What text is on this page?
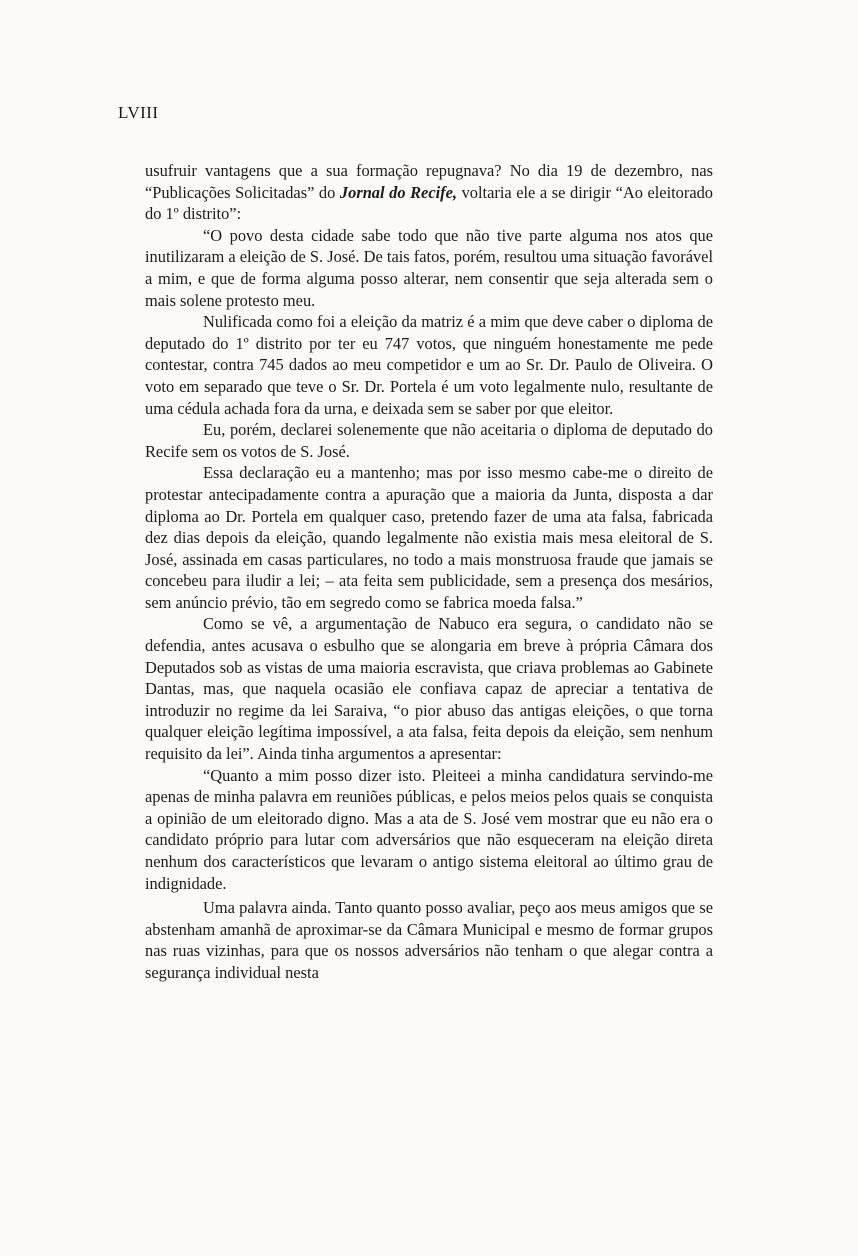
LVIII

usufruir vantagens que a sua formação repugnava? No dia 19 de dezembro, nas “Publicações Solicitadas” do Jornal do Recife, voltaria ele a se dirigir “Ao eleitorado do 1º distrito”:

“O povo desta cidade sabe todo que não tive parte alguma nos atos que inutilizaram a eleição de S. José. De tais fatos, porém, resultou uma situação favorável a mim, e que de forma alguma posso alterar, nem consentir que seja alterada sem o mais solene protesto meu.

Nulificada como foi a eleição da matriz é a mim que deve caber o diploma de deputado do 1º distrito por ter eu 747 votos, que ninguém honestamente me pede contestar, contra 745 dados ao meu competidor e um ao Sr. Dr. Paulo de Oliveira. O voto em separado que teve o Sr. Dr. Portela é um voto legalmente nulo, resultante de uma cédula achada fora da urna, e deixada sem se saber por que eleitor.

Eu, porém, declarei solenemente que não aceitaria o diploma de deputado do Recife sem os votos de S. José.

Essa declaração eu a mantenho; mas por isso mesmo cabe-me o direito de protestar antecipadamente contra a apuração que a maioria da Junta, disposta a dar diploma ao Dr. Portela em qualquer caso, pretendo fazer de uma ata falsa, fabricada dez dias depois da eleição, quando legalmente não existia mais mesa eleitoral de S. José, assinada em casas particulares, no todo a mais monstruosa fraude que jamais se concebeu para iludir a lei; – ata feita sem publicidade, sem a presença dos mesários, sem anúncio prévio, tão em segredo como se fabrica moeda falsa.”

Como se vê, a argumentação de Nabuco era segura, o candidato não se defendia, antes acusava o esbulho que se alongaria em breve à própria Câmara dos Deputados sob as vistas de uma maioria escravista, que criava problemas ao Gabinete Dantas, mas, que naquela ocasião ele confiava capaz de apreciar a tentativa de introduzir no regime da lei Saraiva, “o pior abuso das antigas eleições, o que torna qualquer eleição legítima impossível, a ata falsa, feita depois da eleição, sem nenhum requisito da lei”. Ainda tinha argumentos a apresentar:

“Quanto a mim posso dizer isto. Pleiteei a minha candidatura servindo-me apenas de minha palavra em reuniões públicas, e pelos meios pelos quais se conquista a opinião de um eleitorado digno. Mas a ata de S. José vem mostrar que eu não era o candidato próprio para lutar com adversários que não esqueceram na eleição direta nenhum dos característicos que levaram o antigo sistema eleitoral ao último grau de indignidade.

Uma palavra ainda. Tanto quanto posso avaliar, peço aos meus amigos que se abstenham amanhã de aproximar-se da Câmara Municipal e mesmo de formar grupos nas ruas vizinhas, para que os nossos adversários não tenham o que alegar contra a segurança individual nesta
